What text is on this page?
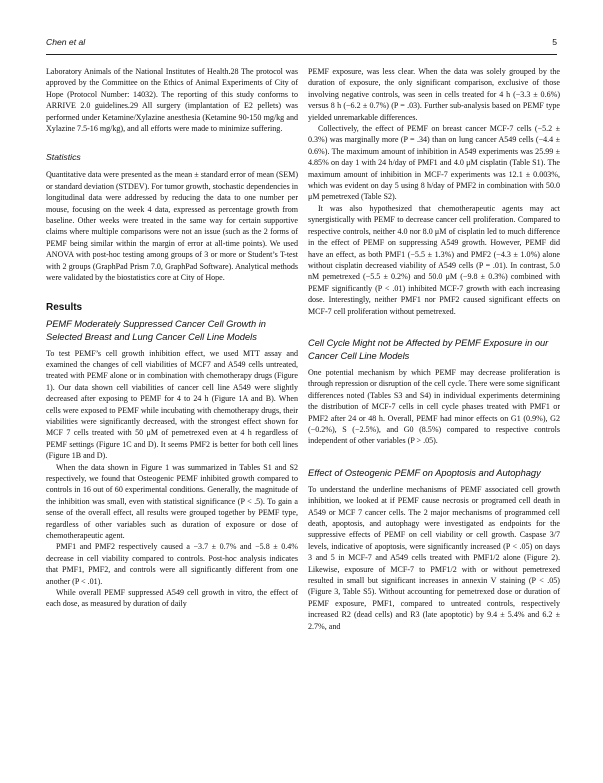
Chen et al	5

Laboratory Animals of the National Institutes of Health.28 The protocol was approved by the Committee on the Ethics of Animal Experiments of City of Hope (Protocol Number: 14032). The reporting of this study conforms to ARRIVE 2.0 guidelines.29 All surgery (implantation of E2 pellets) was performed under Ketamine/Xylazine anesthesia (Ketamine 90-150 mg/kg and Xylazine 7.5-16 mg/kg), and all efforts were made to minimize suffering.

Statistics

Quantitative data were presented as the mean ± standard error of mean (SEM) or standard deviation (STDEV). For tumor growth, stochastic dependencies in longitudinal data were addressed by reducing the data to one number per mouse, focusing on the week 4 data, expressed as percentage growth from baseline. Other weeks were treated in the same way for certain supportive claims where multiple comparisons were not an issue (such as the 2 forms of PEMF being similar within the margin of error at all-time points). We used ANOVA with post-hoc testing among groups of 3 or more or Student’s T-test with 2 groups (GraphPad Prism 7.0, GraphPad Software). Analytical methods were validated by the biostatistics core at City of Hope.

Results
PEMF Moderately Suppressed Cancer Cell Growth in Selected Breast and Lung Cancer Cell Line Models

To test PEMF’s cell growth inhibition effect, we used MTT assay and examined the changes of cell viabilities of MCF7 and A549 cells untreated, treated with PEMF alone or in combination with chemotherapy drugs (Figure 1). Our data shown cell viabilities of cancer cell line A549 were slightly decreased after exposing to PEMF for 4 to 24 h (Figure 1A and B). When cells were exposed to PEMF while incubating with chemotherapy drugs, their viabilities were significantly decreased, with the strongest effect shown for MCF 7 cells treated with 50 μM of pemetrexed even at 4 h regardless of PEMF settings (Figure 1C and D). It seems PMF2 is better for both cell lines (Figure 1B and D).

When the data shown in Figure 1 was summarized in Tables S1 and S2 respectively, we found that Osteogenic PEMF inhibited growth compared to controls in 16 out of 60 experimental conditions. Generally, the magnitude of the inhibition was small, even with statistical significance (P < .5). To gain a sense of the overall effect, all results were grouped together by PEMF type, regardless of other variables such as duration of exposure or dose of chemotherapeutic agent.

PMF1 and PMF2 respectively caused a −3.7 ± 0.7% and −5.8 ± 0.4% decrease in cell viability compared to controls. Post-hoc analysis indicates that PMF1, PMF2, and controls were all significantly different from one another (P < .01).

While overall PEMF suppressed A549 cell growth in vitro, the effect of each dose, as measured by duration of daily

PEMF exposure, was less clear. When the data was solely grouped by the duration of exposure, the only significant comparison, exclusive of those involving negative controls, was seen in cells treated for 4 h (−3.3 ± 0.6%) versus 8 h (−6.2 ± 0.7%) (P = .03). Further sub-analysis based on PEMF type yielded unremarkable differences.

Collectively, the effect of PEMF on breast cancer MCF-7 cells (−5.2 ± 0.3%) was marginally more (P = .34) than on lung cancer A549 cells (−4.4 ± 0.6%). The maximum amount of inhibition in A549 experiments was 25.99 ± 4.85% on day 1 with 24 h/day of PMF1 and 4.0 μM cisplatin (Table S1). The maximum amount of inhibition in MCF-7 experiments was 12.1 ± 0.003%, which was evident on day 5 using 8 h/day of PMF2 in combination with 50.0 μM pemetrexed (Table S2).

It was also hypothesized that chemotherapeutic agents may act synergistically with PEMF to decrease cancer cell proliferation. Compared to respective controls, neither 4.0 nor 8.0 μM of cisplatin led to much difference in the effect of PEMF on suppressing A549 growth. However, PEMF did have an effect, as both PMF1 (−5.5 ± 1.3%) and PMF2 (−4.3 ± 1.0%) alone without cisplatin decreased viability of A549 cells (P = .01). In contrast, 5.0 nM pemetrexed (−5.5 ± 0.2%) and 50.0 μM (−9.8 ± 0.3%) combined with PEMF significantly (P < .01) inhibited MCF-7 growth with each increasing dose. Interestingly, neither PMF1 nor PMF2 caused significant effects on MCF-7 cell proliferation without pemetrexed.

Cell Cycle Might not be Affected by PEMF Exposure in our Cancer Cell Line Models

One potential mechanism by which PEMF may decrease proliferation is through repression or disruption of the cell cycle. There were some significant differences noted (Tables S3 and S4) in individual experiments determining the distribution of MCF-7 cells in cell cycle phases treated with PMF1 or PMF2 after 24 or 48 h. Overall, PEMF had minor effects on G1 (0.9%), G2 (−0.2%), S (−2.5%), and G0 (8.5%) compared to respective controls independent of other variables (P > .05).

Effect of Osteogenic PEMF on Apoptosis and Autophagy

To understand the underline mechanisms of PEMF associated cell growth inhibition, we looked at if PEMF cause necrosis or programed cell death in A549 or MCF 7 cancer cells. The 2 major mechanisms of programmed cell death, apoptosis, and autophagy were investigated as endpoints for the suppressive effects of PEMF on cell viability or cell growth. Caspase 3/7 levels, indicative of apoptosis, were significantly increased (P < .05) on days 3 and 5 in MCF-7 and A549 cells treated with PMF1/2 alone (Figure 2). Likewise, exposure of MCF-7 to PMF1/2 with or without pemetrexed resulted in small but significant increases in annexin V staining (P < .05) (Figure 3, Table S5). Without accounting for pemetrexed dose or duration of PEMF exposure, PMF1, compared to untreated controls, respectively increased R2 (dead cells) and R3 (late apoptotic) by 9.4 ± 5.4% and 6.2 ± 2.7%, and
